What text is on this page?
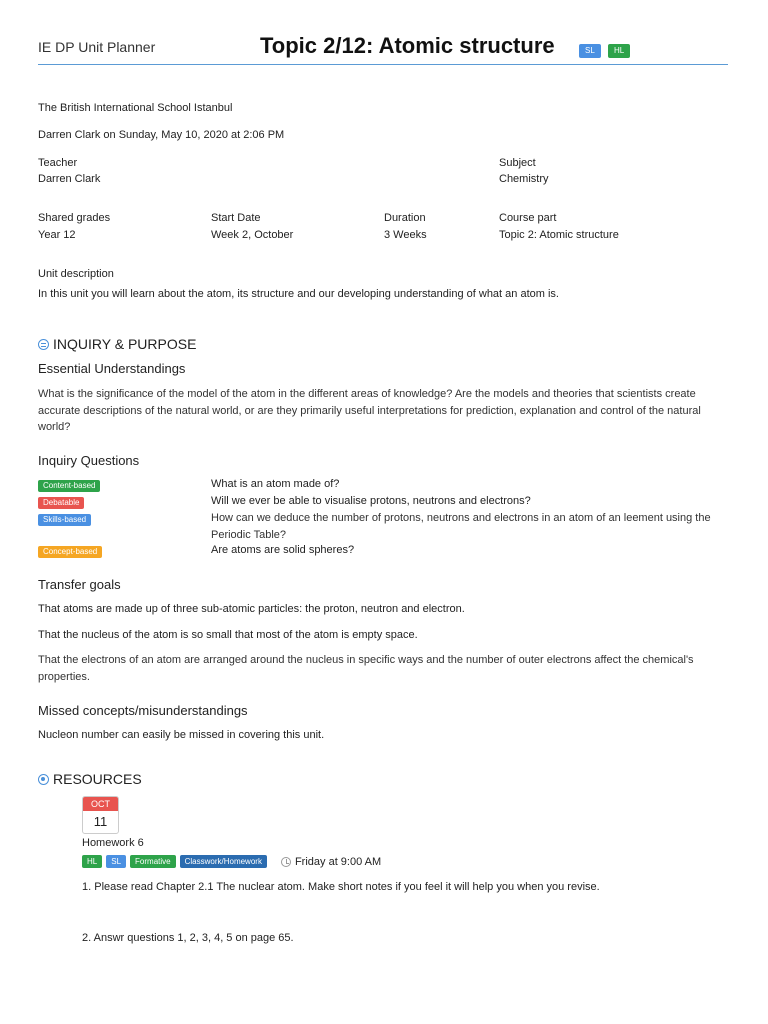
IE DP Unit Planner	Topic 2/12: Atomic structure	SL	HL
The British International School Istanbul
Darren Clark on Sunday, May 10, 2020 at 2:06 PM
Teacher
Darren Clark
Subject
Chemistry
Shared grades
Year 12
Start Date
Week 2, October
Duration
3 Weeks
Course part
Topic 2: Atomic structure
Unit description
In this unit you will learn about the atom, its structure and our developing understanding of what an atom is.
INQUIRY & PURPOSE
Essential Understandings
What is the significance of the model of the atom in the different areas of knowledge? Are the models and theories that scientists create accurate descriptions of the natural world, or are they primarily useful interpretations for prediction, explanation and control of the natural world?
Inquiry Questions
Content-based	What is an atom made of?
Debatable	Will we ever be able to visualise protons, neutrons and electrons?
Skills-based	How can we deduce the number of protons, neutrons and electrons in an atom of an leement using the Periodic Table?
Concept-based	Are atoms are solid spheres?
Transfer goals
That atoms are made up of three sub-atomic particles: the proton, neutron and electron.
That the nucleus of the atom is so small that most of the atom is empty space.
That the electrons of an atom are arranged around the nucleus in specific ways and the number of outer electrons affect the chemical's properties.
Missed concepts/misunderstandings
Nucleon number can easily be missed in covering this unit.
RESOURCES
OCT
11
Homework 6
HL	SL	Formative	Classwork/Homework	Friday at 9:00 AM
1. Please read Chapter 2.1 The nuclear atom. Make short notes if you feel it will help you when you revise.
2. Answr questions 1, 2, 3, 4, 5 on page 65.
